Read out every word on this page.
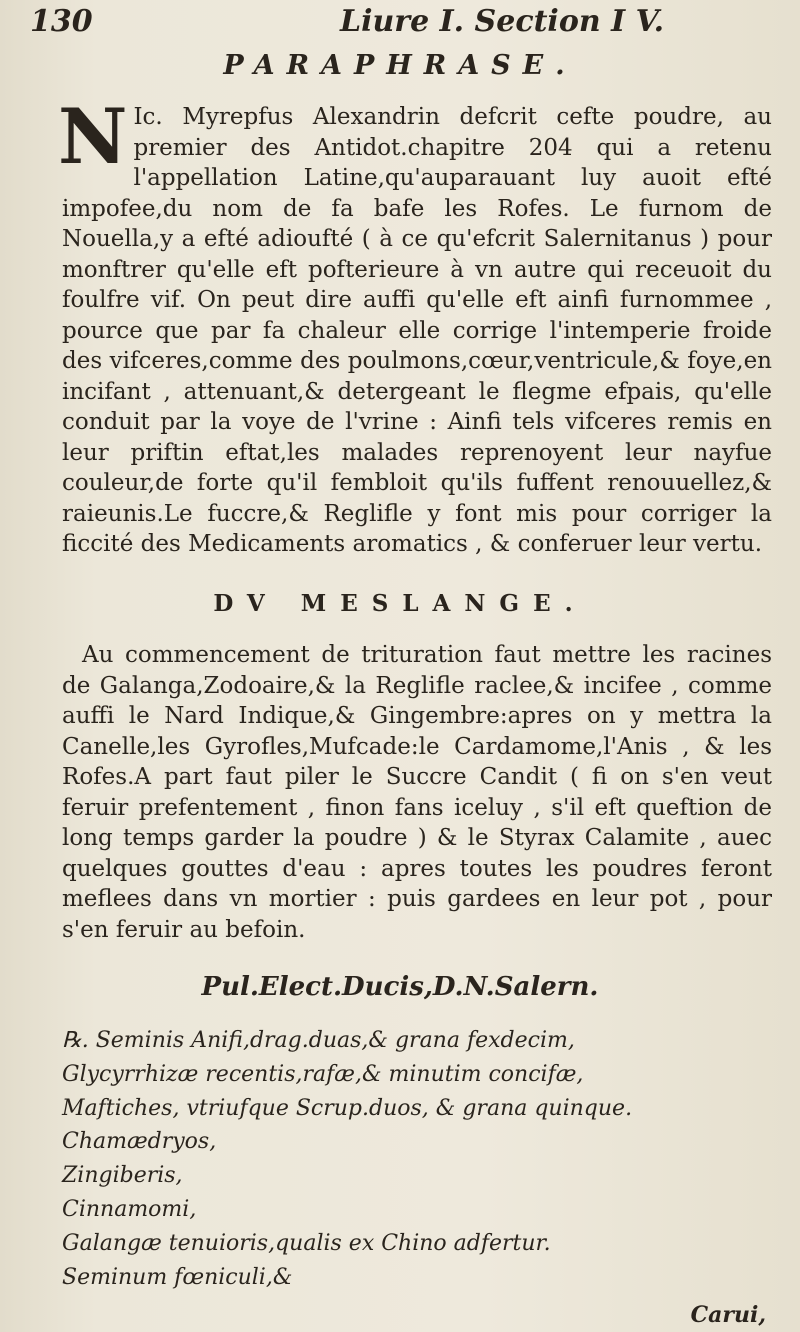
130	Liure I. Section I V.
PARAPHRASE.
N Ic. Myrepfus Alexandrin defcrit cefte poudre, au premier des Antidot.chapitre 204 qui a retenu l'appellation Latine,qu'auparauant luy auoit efté impofee,du nom de fa bafe les Rofes. Le furnom de Nouella,y a efté adioufté ( à ce qu'efcrit Salernitanus ) pour monftrer qu'elle eft pofterieure à vn autre qui receuoit du foulfre vif. On peut dire auffi qu'elle eft ainfi furnommee , pource que par fa chaleur elle corrige l'intemperie froide des vifceres,comme des poulmons,cœur,ventricule,& foye,en incifant , attenuant,& detergeant le flegme efpais, qu'elle conduit par la voye de l'vrine : Ainfi tels vifceres remis en leur priftin eftat,les malades reprenoyent leur nayfue couleur,de forte qu'il fembloit qu'ils fuffent renouuellez,& raieunis.Le fuccre,& Reglifle y font mis pour corriger la ficcité des Medicaments aromatics , & conferuer leur vertu.
DV MESLANGE.
Au commencement de trituration faut mettre les racines de Galanga,Zodoaire,& la Reglifle raclee,& incifee , comme auffi le Nard Indique,& Gingembre:apres on y mettra la Canelle,les Gyrofles,Mufcade:le Cardamome,l'Anis , & les Rofes.A part faut piler le Succre Candit ( fi on s'en veut feruir prefentement , finon fans iceluy , s'il eft queftion de long temps garder la poudre ) & le Styrax Calamite , auec quelques gouttes d'eau : apres toutes les poudres feront meflees dans vn mortier : puis gardees en leur pot , pour s'en feruir au befoin.
Pul.Elect.Ducis,D.N.Salern.
℞. Seminis Anifi,drag.duas,& grana fexdecim,
Glycyrrhizæ recentis,rafæ,& minutim concifæ,
Maftiches, vtriufque Scrup.duos, & grana quinque.
Chamædryos,
Zingiberis,
Cinnamomi,
Galangæ tenuioris,qualis ex Chino adfertur.
Seminum fœniculi,&
Carui,
